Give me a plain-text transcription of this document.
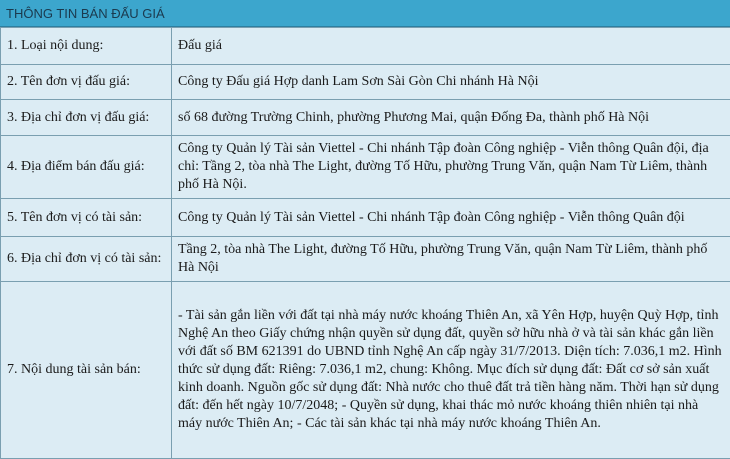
THÔNG TIN BÁN ĐẤU GIÁ
1. Loại nội dung:	Đấu giá
2. Tên đơn vị đấu giá:	Công ty Đấu giá Hợp danh Lam Sơn Sài Gòn Chi nhánh Hà Nội
3. Địa chỉ đơn vị đấu giá:	số 68 đường Trường Chinh, phường Phương Mai, quận Đống Đa, thành phố Hà Nội
4. Địa điểm bán đấu giá:	Công ty Quản lý Tài sản Viettel - Chi nhánh Tập đoàn Công nghiệp - Viễn thông Quân đội, địa chỉ: Tầng 2, tòa nhà The Light, đường Tố Hữu, phường Trung Văn, quận Nam Từ Liêm, thành phố Hà Nội.
5. Tên đơn vị có tài sản:	Công ty Quản lý Tài sản Viettel - Chi nhánh Tập đoàn Công nghiệp - Viễn thông Quân đội
6. Địa chỉ đơn vị có tài sản:	Tầng 2, tòa nhà The Light, đường Tố Hữu, phường Trung Văn, quận Nam Từ Liêm, thành phố Hà Nội
7. Nội dung tài sản bán:	- Tài sản gắn liền với đất tại nhà máy nước khoáng Thiên An, xã Yên Hợp, huyện Quỳ Hợp, tỉnh Nghệ An theo Giấy chứng nhận quyền sử dụng đất, quyền sở hữu nhà ở và tài sản khác gắn liền với đất số BM 621391 do UBND tỉnh Nghệ An cấp ngày 31/7/2013. Diện tích: 7.036,1 m2. Hình thức sử dụng đất: Riêng: 7.036,1 m2, chung: Không. Mục đích sử dụng đất: Đất cơ sở sản xuất kinh doanh. Nguồn gốc sử dụng đất: Nhà nước cho thuê đất trả tiền hàng năm. Thời hạn sử dụng đất: đến hết ngày 10/7/2048; - Quyền sử dụng, khai thác mỏ nước khoáng thiên nhiên tại nhà máy nước Thiên An; - Các tài sản khác tại nhà máy nước khoáng Thiên An.
